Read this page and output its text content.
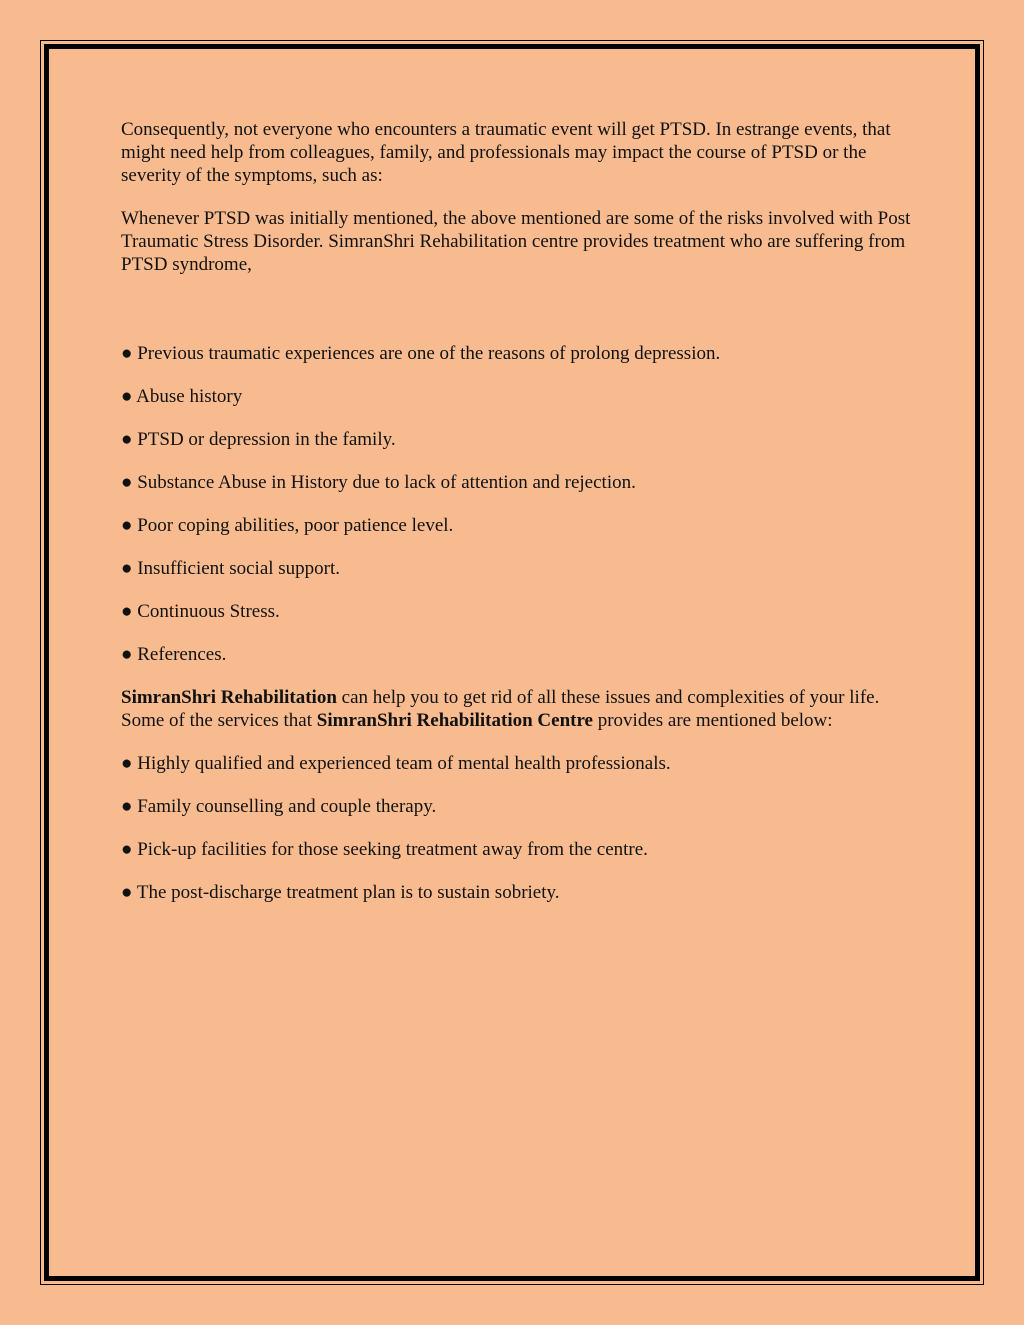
Consequently, not everyone who encounters a traumatic event will get PTSD. In estrange events, that might need help from colleagues, family, and professionals may impact the course of PTSD or the severity of the symptoms, such as:

Whenever PTSD was initially mentioned, the above mentioned are some of the risks involved with Post Traumatic Stress Disorder. SimranShri Rehabilitation centre provides treatment who are suffering from PTSD syndrome,

● Previous traumatic experiences are one of the reasons of prolong depression.

● Abuse history

● PTSD or depression in the family.

● Substance Abuse in History due to lack of attention and rejection.

● Poor coping abilities, poor patience level.

● Insufficient social support.

● Continuous Stress.

● References.

SimranShri Rehabilitation can help you to get rid of all these issues and complexities of your life. Some of the services that SimranShri Rehabilitation Centre provides are mentioned below:

● Highly qualified and experienced team of mental health professionals.

● Family counselling and couple therapy.

● Pick-up facilities for those seeking treatment away from the centre.

● The post-discharge treatment plan is to sustain sobriety.
